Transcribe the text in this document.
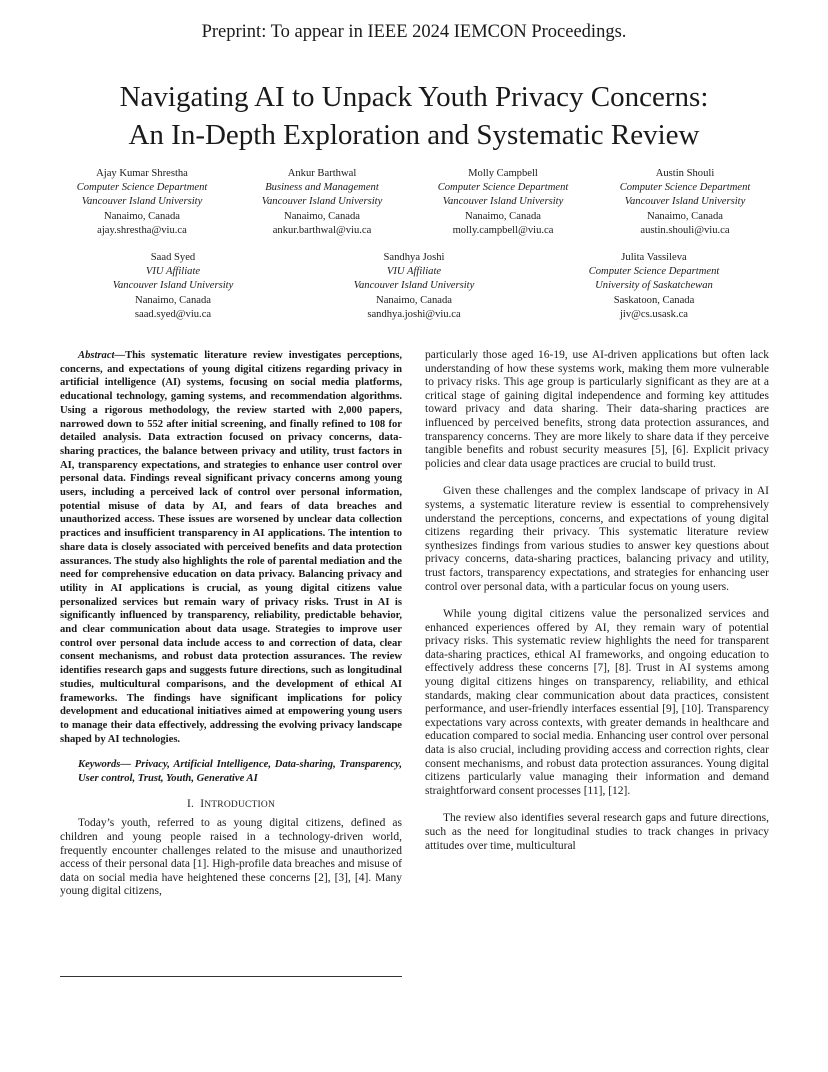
Preprint: To appear in IEEE 2024 IEMCON Proceedings.
Navigating AI to Unpack Youth Privacy Concerns:
An In-Depth Exploration and Systematic Review
Ajay Kumar Shrestha
Computer Science Department
Vancouver Island University
Nanaimo, Canada
ajay.shrestha@viu.ca
Ankur Barthwal
Business and Management
Vancouver Island University
Nanaimo, Canada
ankur.barthwal@viu.ca
Molly Campbell
Computer Science Department
Vancouver Island University
Nanaimo, Canada
molly.campbell@viu.ca
Austin Shouli
Computer Science Department
Vancouver Island University
Nanaimo, Canada
austin.shouli@viu.ca
Saad Syed
VIU Affiliate
Vancouver Island University
Nanaimo, Canada
saad.syed@viu.ca
Sandhya Joshi
VIU Affiliate
Vancouver Island University
Nanaimo, Canada
sandhya.joshi@viu.ca
Julita Vassileva
Computer Science Department
University of Saskatchewan
Saskatoon, Canada
jiv@cs.usask.ca
Abstract—This systematic literature review investigates perceptions, concerns, and expectations of young digital citizens regarding privacy in artificial intelligence (AI) systems, focusing on social media platforms, educational technology, gaming systems, and recommendation algorithms. Using a rigorous methodology, the review started with 2,000 papers, narrowed down to 552 after initial screening, and finally refined to 108 for detailed analysis. Data extraction focused on privacy concerns, data-sharing practices, the balance between privacy and utility, trust factors in AI, transparency expectations, and strategies to enhance user control over personal data. Findings reveal significant privacy concerns among young users, including a perceived lack of control over personal information, potential misuse of data by AI, and fears of data breaches and unauthorized access. These issues are worsened by unclear data collection practices and insufficient transparency in AI applications. The intention to share data is closely associated with perceived benefits and data protection assurances. The study also highlights the role of parental mediation and the need for comprehensive education on data privacy. Balancing privacy and utility in AI applications is crucial, as young digital citizens value personalized services but remain wary of privacy risks. Trust in AI is significantly influenced by transparency, reliability, predictable behavior, and clear communication about data usage. Strategies to improve user control over personal data include access to and correction of data, clear consent mechanisms, and robust data protection assurances. The review identifies research gaps and suggests future directions, such as longitudinal studies, multicultural comparisons, and the development of ethical AI frameworks. The findings have significant implications for policy development and educational initiatives aimed at empowering young users to manage their data effectively, addressing the evolving privacy landscape shaped by AI technologies.
Keywords— Privacy, Artificial Intelligence, Data-sharing, Transparency, User control, Trust, Youth, Generative AI
I. INTRODUCTION

Today’s youth, referred to as young digital citizens, defined as children and young people raised in a technology-driven world, frequently encounter challenges related to the misuse and unauthorized access of their personal data [1]. High-profile data breaches and misuse of data on social media have heightened these concerns [2], [3], [4]. Many young digital citizens,

particularly those aged 16-19, use AI-driven applications but often lack understanding of how these systems work, making them more vulnerable to privacy risks. This age group is particularly significant as they are at a critical stage of gaining digital independence and forming key attitudes toward privacy and data sharing. Their data-sharing practices are influenced by perceived benefits, strong data protection assurances, and transparency concerns. They are more likely to share data if they perceive tangible benefits and robust security measures [5], [6]. Explicit privacy policies and clear data usage practices are crucial to build trust.

Given these challenges and the complex landscape of privacy in AI systems, a systematic literature review is essential to comprehensively understand the perceptions, concerns, and expectations of young digital citizens regarding their privacy. This systematic literature review synthesizes findings from various studies to answer key questions about privacy concerns, data-sharing practices, balancing privacy and utility, trust factors, transparency expectations, and strategies for enhancing user control over personal data, with a particular focus on young users.

While young digital citizens value the personalized services and enhanced experiences offered by AI, they remain wary of potential privacy risks. This systematic review highlights the need for transparent data-sharing practices, ethical AI frameworks, and ongoing education to effectively address these concerns [7], [8]. Trust in AI systems among young digital citizens hinges on transparency, reliability, and ethical standards, making clear communication about data practices, consistent performance, and user-friendly interfaces essential [9], [10]. Transparency expectations vary across contexts, with greater demands in healthcare and education compared to social media. Enhancing user control over personal data is also crucial, including providing access and correction rights, clear consent mechanisms, and robust data protection assurances. Young digital citizens particularly value managing their information and demand straightforward consent processes [11], [12].

The review also identifies several research gaps and future directions, such as the need for longitudinal studies to track changes in privacy attitudes over time, multicultural
